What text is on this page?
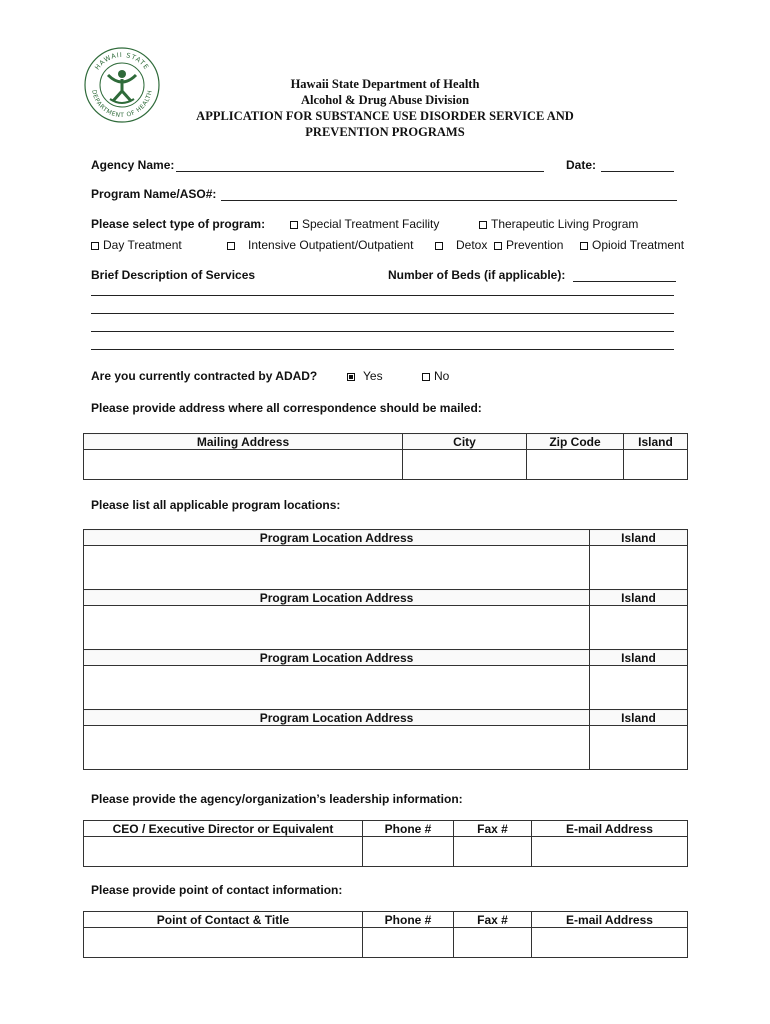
HAWAII STATE
DEPARTMENT OF HEALTH
Hawaii State Department of Health
Alcohol & Drug Abuse Division
APPLICATION FOR SUBSTANCE USE DISORDER SERVICE AND
PREVENTION PROGRAMS
Agency Name:	Date:
Program Name/ASO#:
Please select type of program:	Special Treatment Facility	Therapeutic Living Program
Day Treatment	Intensive Outpatient/Outpatient	Detox	Prevention	Opioid Treatment
Brief Description of Services	Number of Beds (if applicable):
Are you currently contracted by ADAD?	Yes	No
Please provide address where all correspondence should be mailed:
Mailing Address	City	Zip Code	Island

Please list all applicable program locations:
Program Location Address	Island

Program Location Address	Island

Program Location Address	Island

Program Location Address	Island

Please provide the agency/organization’s leadership information:
CEO / Executive Director or Equivalent	Phone #	Fax #	E-mail Address

Please provide point of contact information:
Point of Contact & Title	Phone #	Fax #	E-mail Address
